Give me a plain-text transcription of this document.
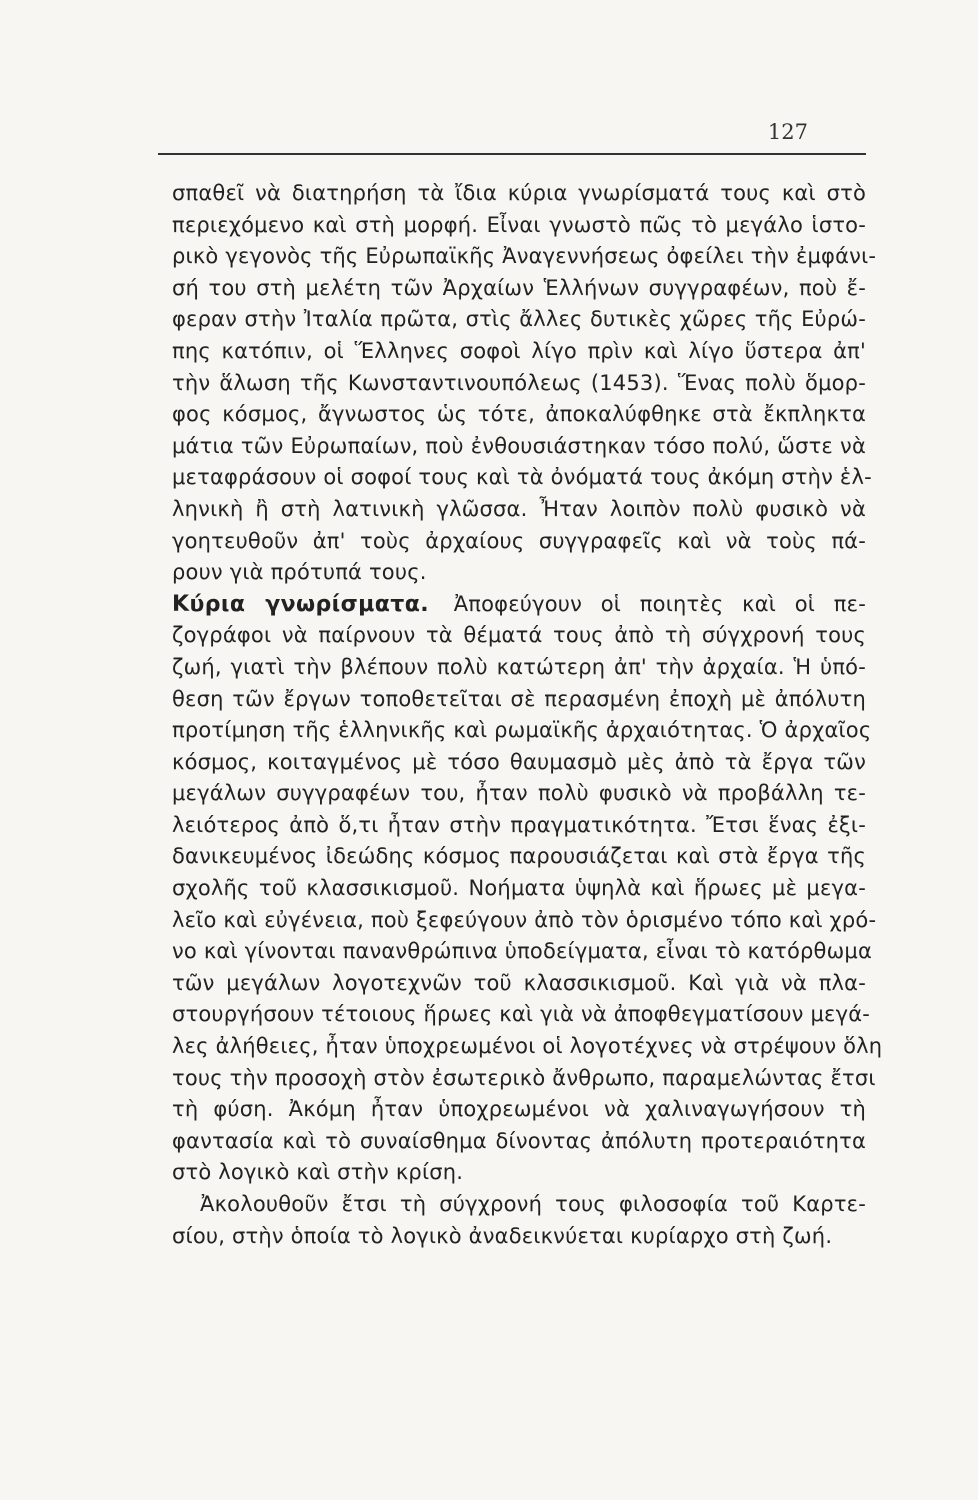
127
σπαθεῖ νὰ διατηρήση τὰ ἴδια κύρια γνωρίσματά τους καὶ στὸ
περιεχόμενο καὶ στὴ μορφή. Εἶναι γνωστὸ πῶς τὸ μεγάλο ἱστο-
ρικὸ γεγονὸς τῆς Εὐρωπαϊκῆς Ἀναγεννήσεως ὀφείλει τὴν ἐμφάνι-
σή του στὴ μελέτη τῶν Ἀρχαίων Ἑλλήνων συγγραφέων, ποὺ ἔ-
φεραν στὴν Ἰταλία πρῶτα, στὶς ἄλλες δυτικὲς χῶρες τῆς Εὐρώ-
πης κατόπιν, οἱ Ἕλληνες σοφοὶ λίγο πρὶν καὶ λίγο ὕστερα ἀπ'
τὴν ἅλωση τῆς Κωνσταντινουπόλεως (1453). Ἕνας πολὺ ὅμορ-
φος κόσμος, ἄγνωστος ὡς τότε, ἀποκαλύφθηκε στὰ ἔκπληκτα
μάτια τῶν Εὐρωπαίων, ποὺ ἐνθουσιάστηκαν τόσο πολύ, ὥστε νὰ
μεταφράσουν οἱ σοφοί τους καὶ τὰ ὀνόματά τους ἀκόμη στὴν ἑλ-
ληνικὴ ἢ στὴ λατινικὴ γλῶσσα. Ἦταν λοιπὸν πολὺ φυσικὸ νὰ
γοητευθοῦν ἀπ' τοὺς ἀρχαίους συγγραφεῖς καὶ νὰ τοὺς πά-
ρουν γιὰ πρότυπά τους.
Κύρια γνωρίσματα. Ἀποφεύγουν οἱ ποιητὲς καὶ οἱ πε-
ζογράφοι νὰ παίρνουν τὰ θέματά τους ἀπὸ τὴ σύγχρονή τους
ζωή, γιατὶ τὴν βλέπουν πολὺ κατώτερη ἀπ' τὴν ἀρχαία. Ἡ ὑπό-
θεση τῶν ἔργων τοποθετεῖται σὲ περασμένη ἐποχὴ μὲ ἀπόλυτη
προτίμηση τῆς ἑλληνικῆς καὶ ρωμαϊκῆς ἀρχαιότητας. Ὁ ἀρχαῖος
κόσμος, κοιταγμένος μὲ τόσο θαυμασμὸ μὲς ἀπὸ τὰ ἔργα τῶν
μεγάλων συγγραφέων του, ἦταν πολὺ φυσικὸ νὰ προβάλλη τε-
λειότερος ἀπὸ ὅ,τι ἦταν στὴν πραγματικότητα. Ἔτσι ἕνας ἐξι-
δανικευμένος ἰδεώδης κόσμος παρουσιάζεται καὶ στὰ ἔργα τῆς
σχολῆς τοῦ κλασσικισμοῦ. Νοήματα ὑψηλὰ καὶ ἥρωες μὲ μεγα-
λεῖο καὶ εὐγένεια, ποὺ ξεφεύγουν ἀπὸ τὸν ὁρισμένο τόπο καὶ χρό-
νο καὶ γίνονται πανανθρώπινα ὑποδείγματα, εἶναι τὸ κατόρθωμα
τῶν μεγάλων λογοτεχνῶν τοῦ κλασσικισμοῦ. Καὶ γιὰ νὰ πλα-
στουργήσουν τέτοιους ἥρωες καὶ γιὰ νὰ ἀποφθεγματίσουν μεγά-
λες ἀλήθειες, ἦταν ὑποχρεωμένοι οἱ λογοτέχνες νὰ στρέψουν ὅλη
τους τὴν προσοχὴ στὸν ἐσωτερικὸ ἄνθρωπο, παραμελώντας ἔτσι
τὴ φύση. Ἀκόμη ἦταν ὑποχρεωμένοι νὰ χαλιναγωγήσουν τὴ
φαντασία καὶ τὸ συναίσθημα δίνοντας ἀπόλυτη προτεραιότητα
στὸ λογικὸ καὶ στὴν κρίση.
Ἀκολουθοῦν ἔτσι τὴ σύγχρονή τους φιλοσοφία τοῦ Καρτε-
σίου, στὴν ὁποία τὸ λογικὸ ἀναδεικνύεται κυρίαρχο στὴ ζωή.
